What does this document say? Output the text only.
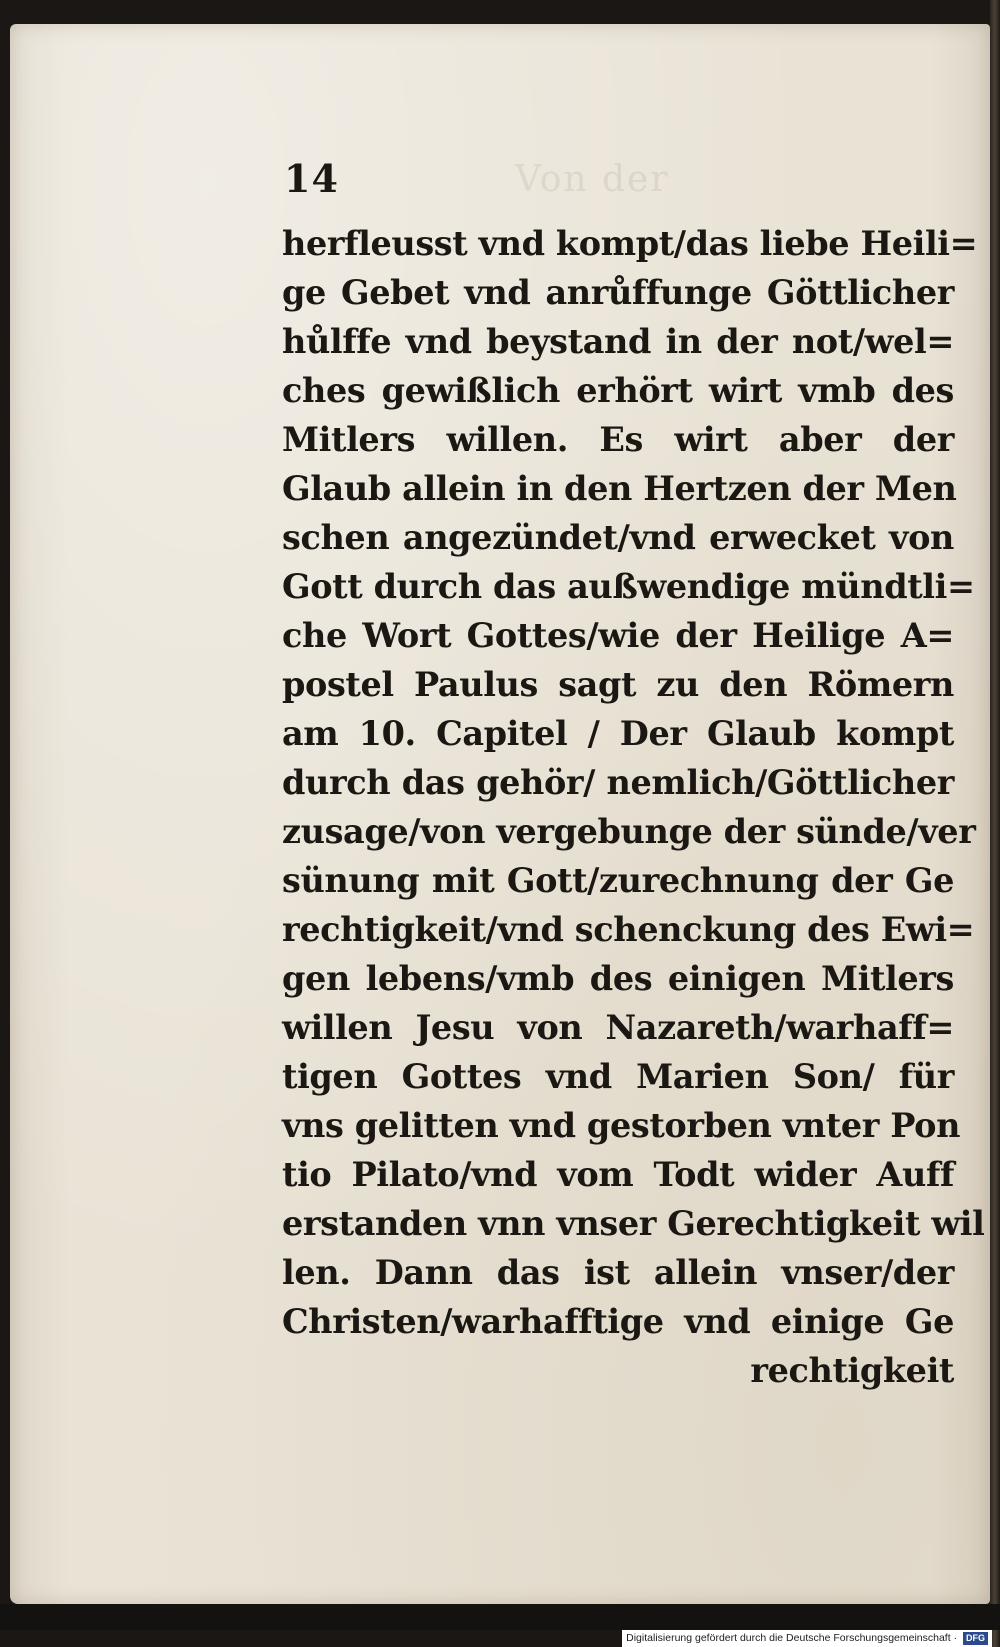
14	Von der
herfleusst vnd kompt/das liebe Heili=
ge Gebet vnd anrůffunge Göttlicher
hůlffe vnd beystand in der not/wel=
ches gewißlich erhört wirt vmb des
Mitlers willen. Es wirt aber der
Glaub allein in den Hertzen der Men
schen angezündet/vnd erwecket von
Gott durch das außwendige mündtli=
che Wort Gottes/wie der Heilige A=
postel Paulus sagt zu den Römern
am 10. Capitel / Der Glaub kompt
durch das gehör/ nemlich/Göttlicher
zusage/von vergebunge der sünde/ver
sünung mit Gott/zurechnung der Ge
rechtigkeit/vnd schenckung des Ewi=
gen lebens/vmb des einigen Mitlers
willen Jesu von Nazareth/warhaff=
tigen Gottes vnd Marien Son/ für
vns gelitten vnd gestorben vnter Pon
tio Pilato/vnd vom Todt wider Auff
erstanden vnn vnser Gerechtigkeit wil
len. Dann das ist allein vnser/der
Christen/warhafftige vnd einige Ge
rechtigkeit
Digitalisierung gefördert durch die Deutsche Forschungsgemeinschaft · DFG
